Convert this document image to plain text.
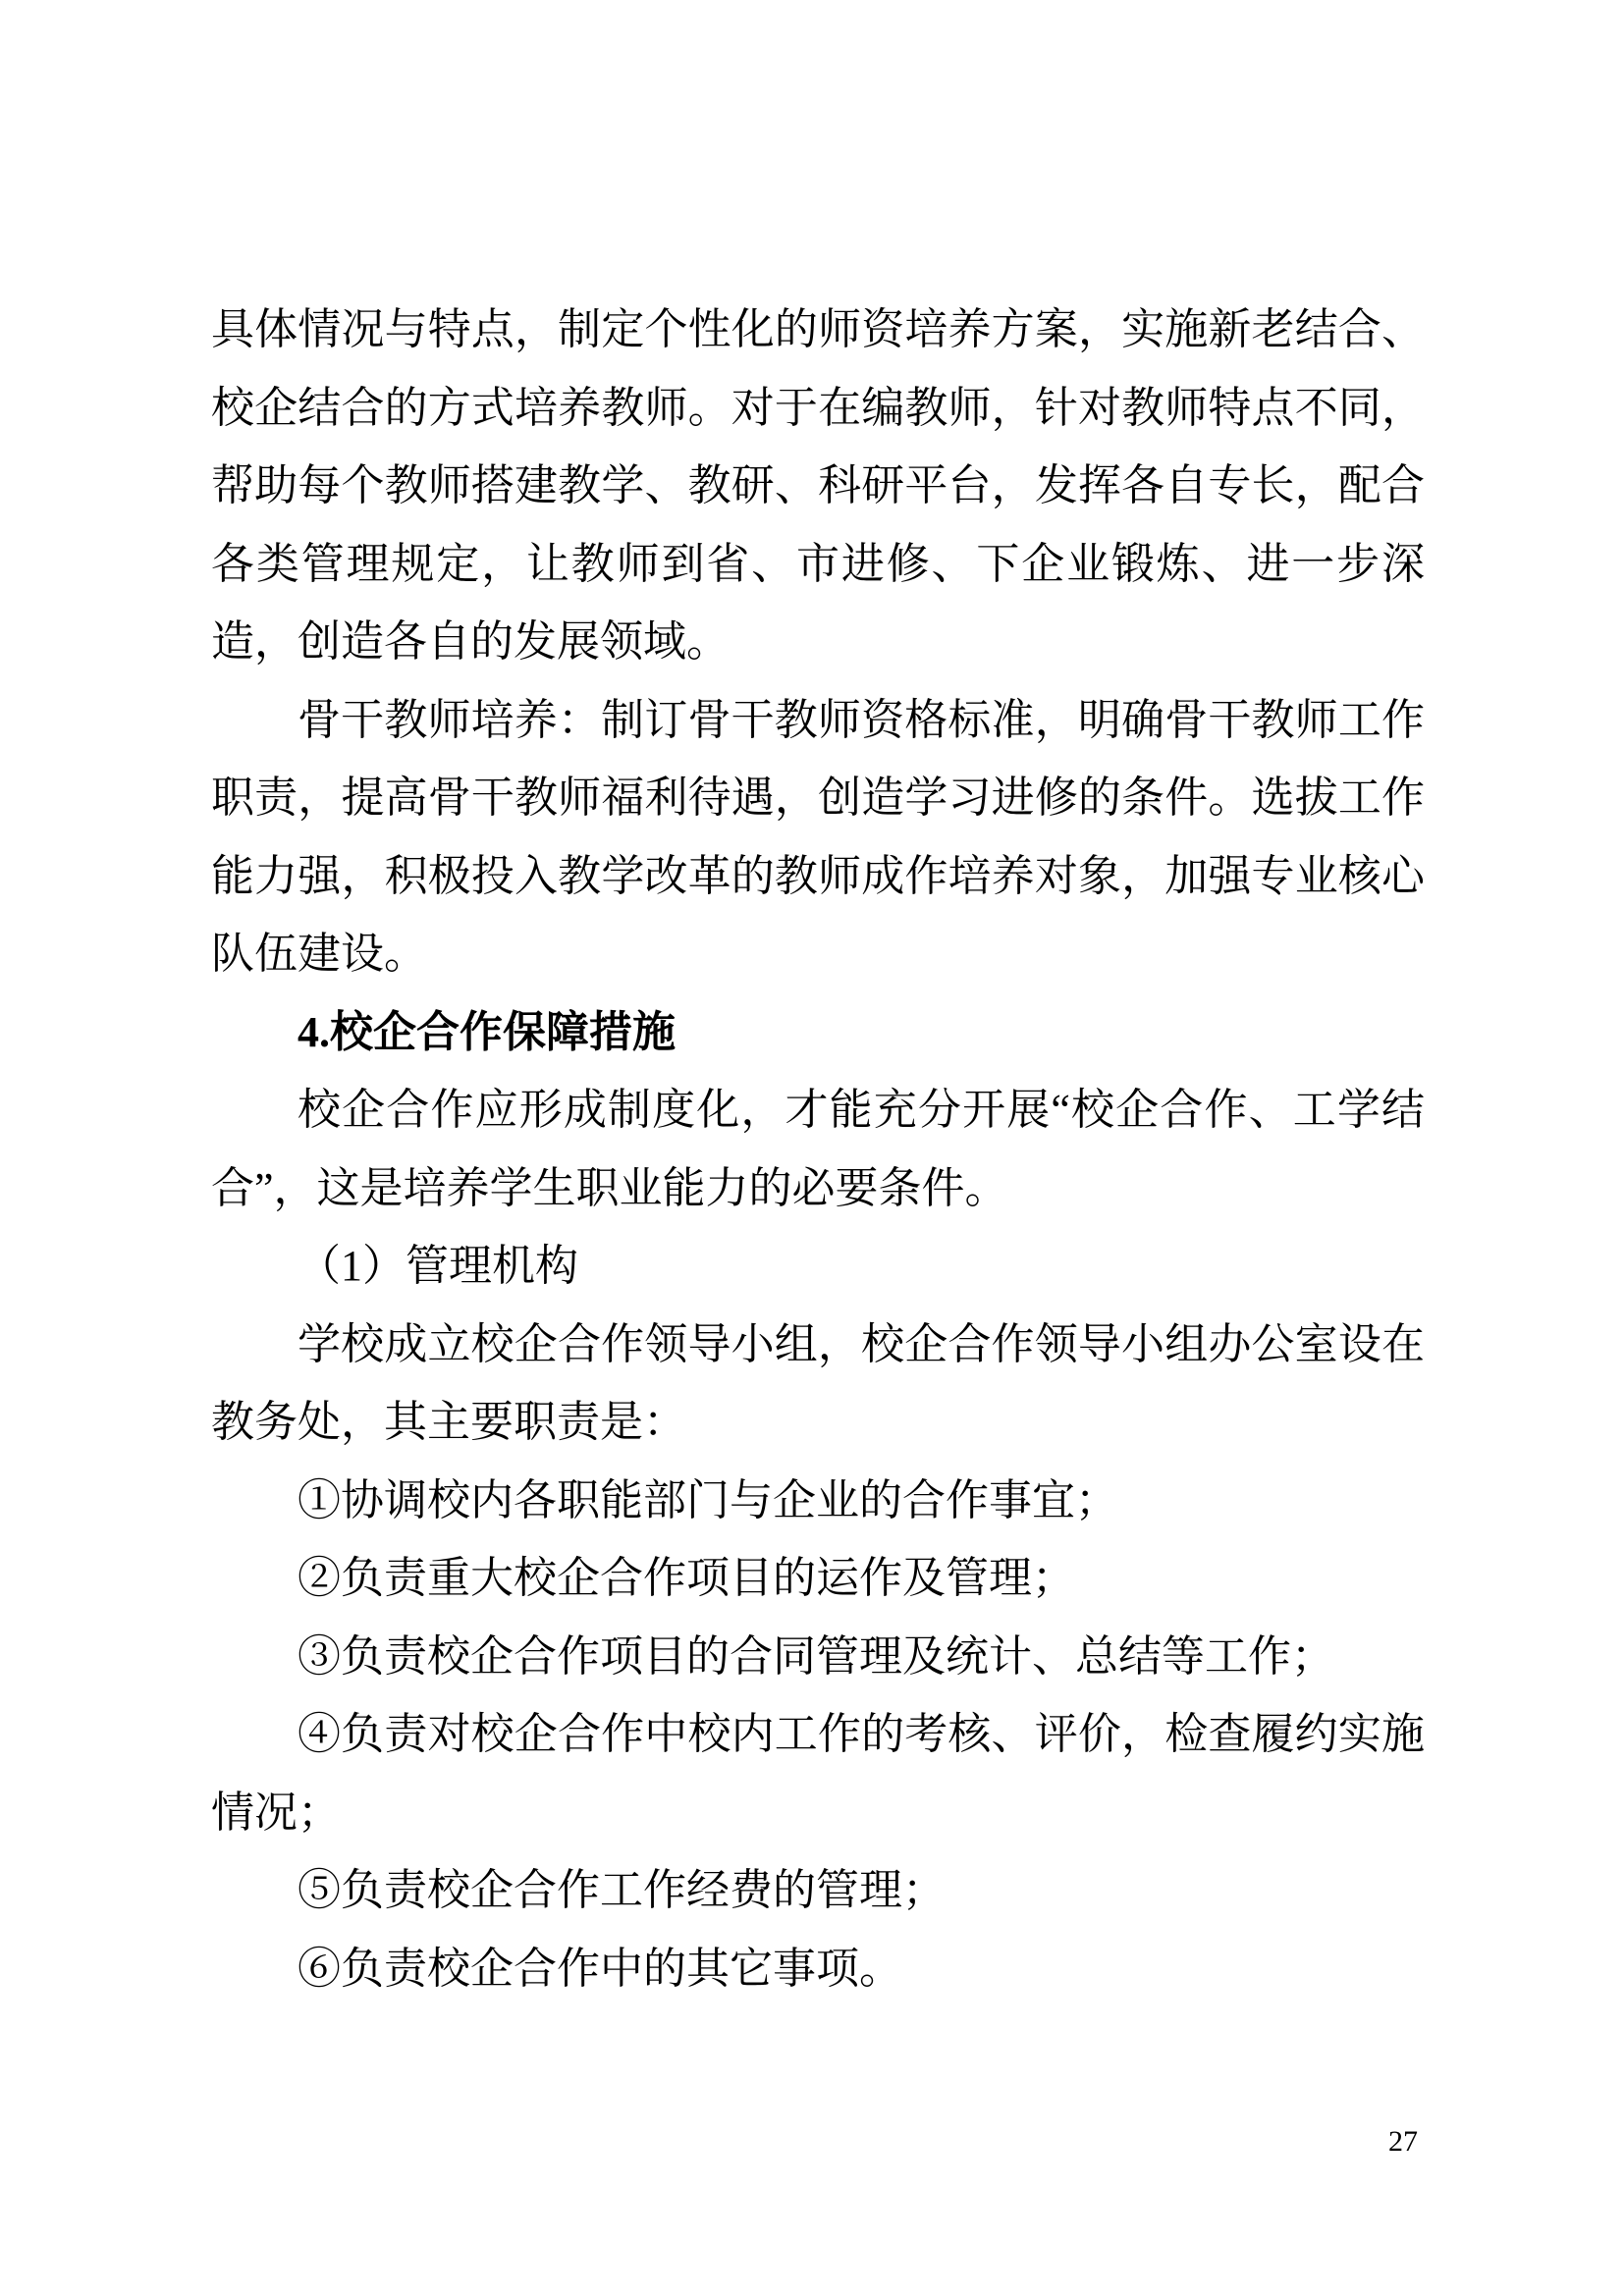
具体情况与特点，制定个性化的师资培养方案，实施新老结合、校企结合的方式培养教师。对于在编教师，针对教师特点不同，帮助每个教师搭建教学、教研、科研平台，发挥各自专长，配合各类管理规定，让教师到省、市进修、下企业锻炼、进一步深造，创造各自的发展领域。

骨干教师培养：制订骨干教师资格标准，明确骨干教师工作职责，提高骨干教师福利待遇，创造学习进修的条件。选拔工作能力强，积极投入教学改革的教师成作培养对象，加强专业核心队伍建设。

4.校企合作保障措施

校企合作应形成制度化，才能充分开展“校企合作、工学结合”，这是培养学生职业能力的必要条件。

（1）管理机构

学校成立校企合作领导小组，校企合作领导小组办公室设在教务处，其主要职责是：

①协调校内各职能部门与企业的合作事宜；

②负责重大校企合作项目的运作及管理；

③负责校企合作项目的合同管理及统计、总结等工作；

④负责对校企合作中校内工作的考核、评价，检查履约实施情况；

⑤负责校企合作工作经费的管理；

⑥负责校企合作中的其它事项。

27
